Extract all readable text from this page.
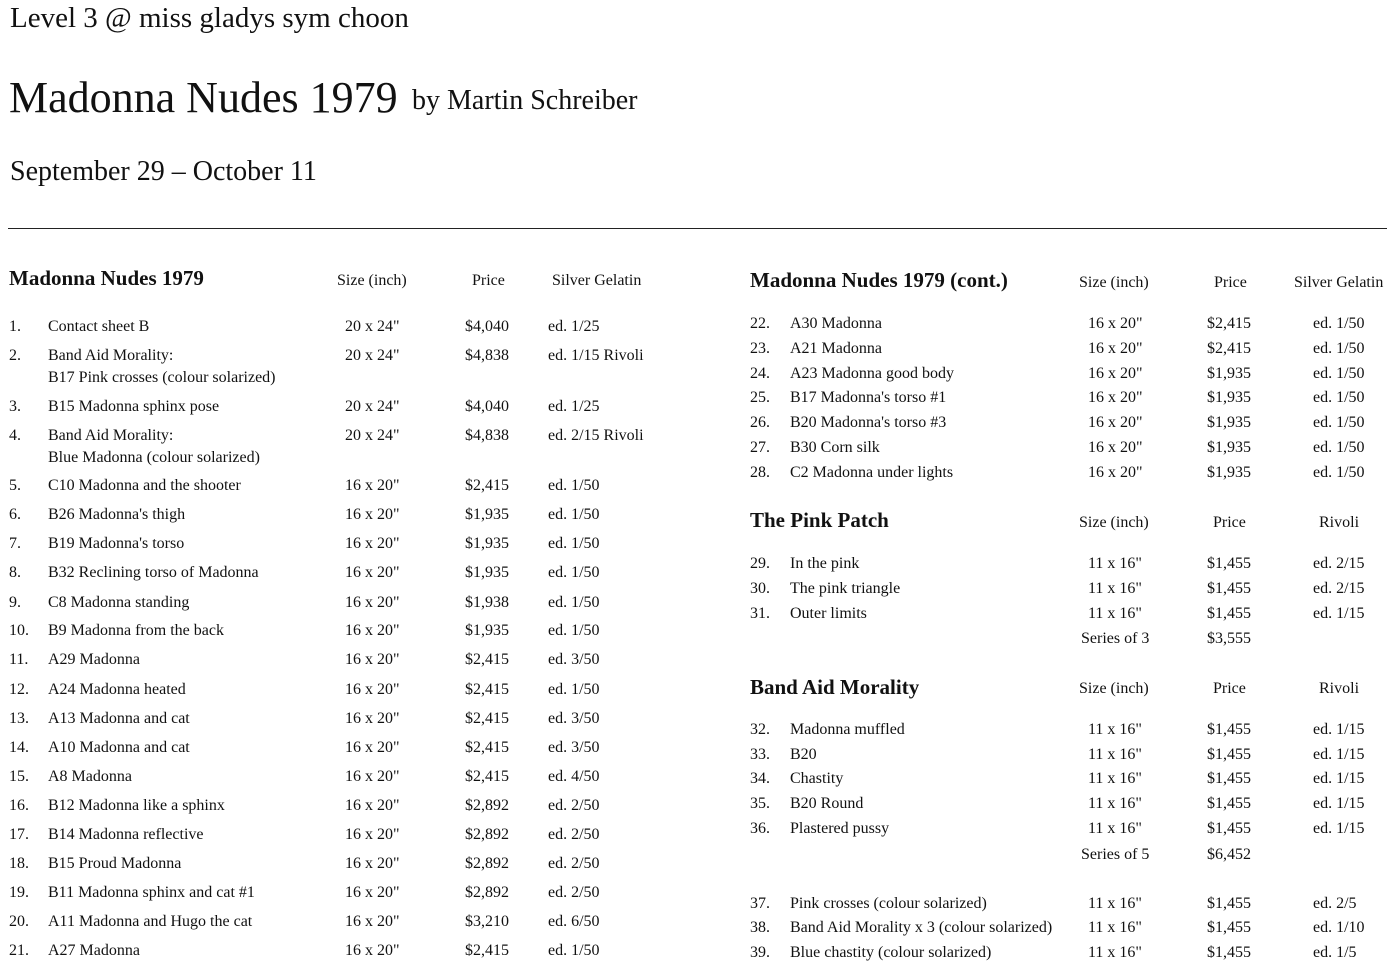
Level 3 @ miss gladys sym choon
Madonna Nudes 1979 by Martin Schreiber
September 29 – October 11
Madonna Nudes 1979	Size (inch)	Price	Silver Gelatin
1. Contact sheet B	20 x 24"	$4,040 ed. 1/25
2. Band Aid Morality:	20 x 24"	$4,838 ed. 1/15 Rivoli
B17 Pink crosses (colour solarized)
3. B15 Madonna sphinx pose	20 x 24"	$4,040 ed. 1/25
4. Band Aid Morality:	20 x 24"	$4,838 ed. 2/15 Rivoli
Blue Madonna (colour solarized)
5. C10 Madonna and the shooter	16 x 20"	$2,415 ed. 1/50
6. B26 Madonna's thigh	16 x 20"	$1,935 ed. 1/50
7. B19 Madonna's torso	16 x 20"	$1,935 ed. 1/50
8. B32 Reclining torso of Madonna	16 x 20"	$1,935 ed. 1/50
9. C8 Madonna standing	16 x 20"	$1,938 ed. 1/50
10. B9 Madonna from the back	16 x 20"	$1,935 ed. 1/50
11. A29 Madonna	16 x 20"	$2,415 ed. 3/50
12. A24 Madonna heated	16 x 20"	$2,415 ed. 1/50
13. A13 Madonna and cat	16 x 20"	$2,415 ed. 3/50
14. A10 Madonna and cat	16 x 20"	$2,415 ed. 3/50
15. A8 Madonna	16 x 20"	$2,415 ed. 4/50
16. B12 Madonna like a sphinx	16 x 20"	$2,892 ed. 2/50
17. B14 Madonna reflective	16 x 20"	$2,892 ed. 2/50
18. B15 Proud Madonna	16 x 20"	$2,892 ed. 2/50
19. B11 Madonna sphinx and cat #1	16 x 20"	$2,892 ed. 2/50
20. A11 Madonna and Hugo the cat	16 x 20"	$3,210 ed. 6/50
21. A27 Madonna	16 x 20"	$2,415 ed. 1/50
Madonna Nudes 1979 (cont.)	Size (inch)	Price	Silver Gelatin
22. A30 Madonna	16 x 20"	$2,415	ed. 1/50
23. A21 Madonna	16 x 20"	$2,415	ed. 1/50
24. A23 Madonna good body	16 x 20"	$1,935	ed. 1/50
25. B17 Madonna's torso #1	16 x 20"	$1,935	ed. 1/50
26. B20 Madonna's torso #3	16 x 20"	$1,935	ed. 1/50
27. B30 Corn silk	16 x 20"	$1,935	ed. 1/50
28. C2 Madonna under lights	16 x 20"	$1,935	ed. 1/50
The Pink Patch	Size (inch)	Price	Rivoli
29. In the pink	11 x 16"	$1,455	ed. 2/15
30. The pink triangle	11 x 16"	$1,455	ed. 2/15
31. Outer limits	11 x 16"	$1,455	ed. 1/15
Series of 3	$3,555
Band Aid Morality	Size (inch)	Price	Rivoli
32. Madonna muffled	11 x 16"	$1,455	ed. 1/15
33. B20	11 x 16"	$1,455	ed. 1/15
34. Chastity	11 x 16"	$1,455	ed. 1/15
35. B20 Round	11 x 16"	$1,455	ed. 1/15
36. Plastered pussy	11 x 16"	$1,455	ed. 1/15
Series of 5	$6,452
37. Pink crosses (colour solarized)	11 x 16"	$1,455	ed. 2/5
38. Band Aid Morality x 3 (colour solarized) 11 x 16"	$1,455	ed. 1/10
39. Blue chastity (colour solarized)	11 x 16"	$1,455	ed. 1/5
